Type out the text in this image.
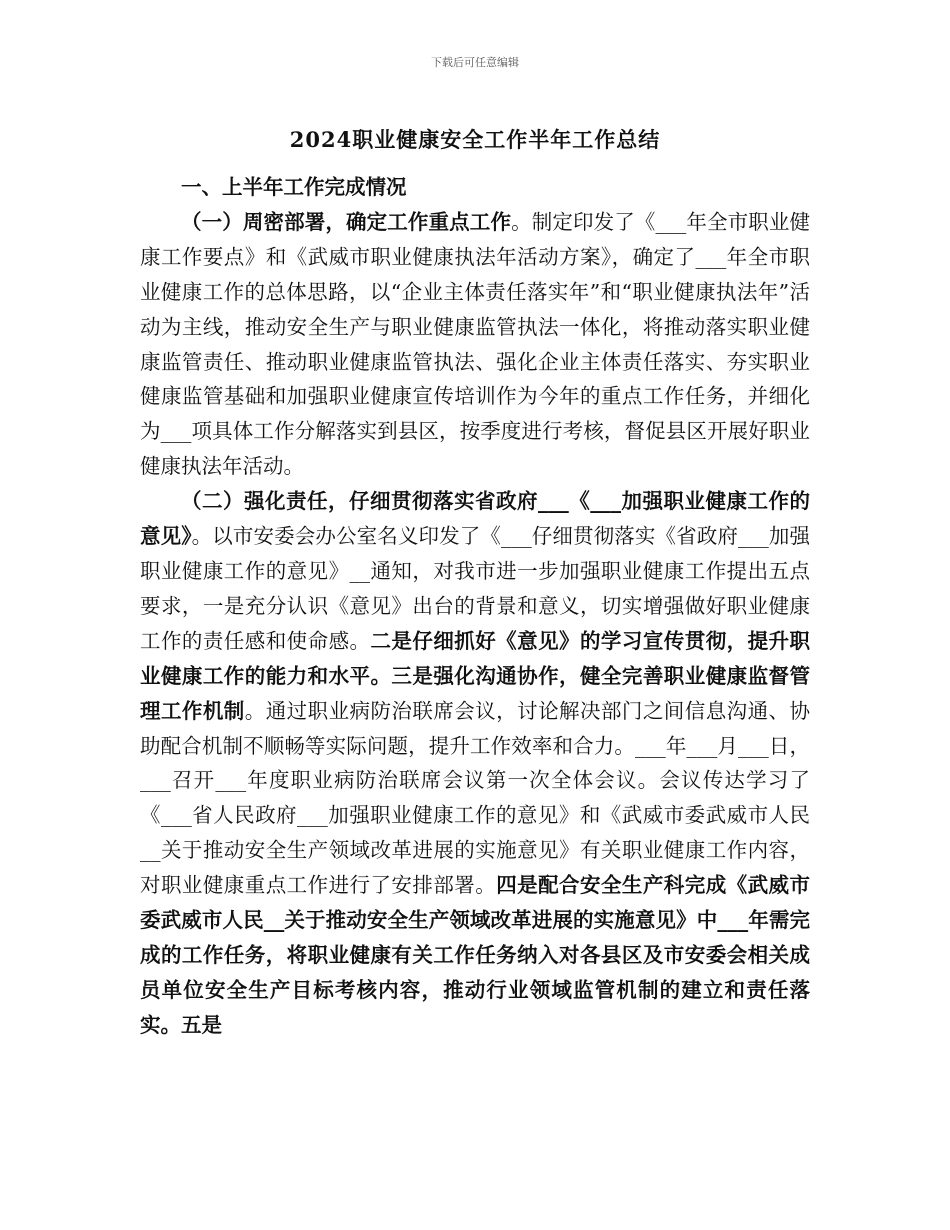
下载后可任意编辑
2024职业健康安全工作半年工作总结

一、上半年工作完成情况

（一）周密部署，确定工作重点工作。制定印发了《___年全市职业健康工作要点》和《武威市职业健康执法年活动方案》，确定了___年全市职业健康工作的总体思路，以“企业主体责任落实年”和“职业健康执法年”活动为主线，推动安全生产与职业健康监管执法一体化，将推动落实职业健康监管责任、推动职业健康监管执法、强化企业主体责任落实、夯实职业健康监管基础和加强职业健康宣传培训作为今年的重点工作任务，并细化为___项具体工作分解落实到县区，按季度进行考核，督促县区开展好职业健康执法年活动。

（二）强化责任，仔细贯彻落实省政府___《___加强职业健康工作的意见》。以市安委会办公室名义印发了《___仔细贯彻落实《省政府___加强职业健康工作的意见》__通知，对我市进一步加强职业健康工作提出五点要求，一是充分认识《意见》出台的背景和意义，切实增强做好职业健康工作的责任感和使命感。二是仔细抓好《意见》的学习宣传贯彻，提升职业健康工作的能力和水平。三是强化沟通协作，健全完善职业健康监督管理工作机制。通过职业病防治联席会议，讨论解决部门之间信息沟通、协助配合机制不顺畅等实际问题，提升工作效率和合力。___年___月___日，___召开___年度职业病防治联席会议第一次全体会议。会议传达学习了《___省人民政府___加强职业健康工作的意见》和《武威市委武威市人民__关于推动安全生产领域改革进展的实施意见》有关职业健康工作内容，对职业健康重点工作进行了安排部署。四是配合安全生产科完成《武威市委武威市人民__关于推动安全生产领域改革进展的实施意见》中___年需完成的工作任务，将职业健康有关工作任务纳入对各县区及市安委会相关成员单位安全生产目标考核内容，推动行业领域监管机制的建立和责任落实。五是
